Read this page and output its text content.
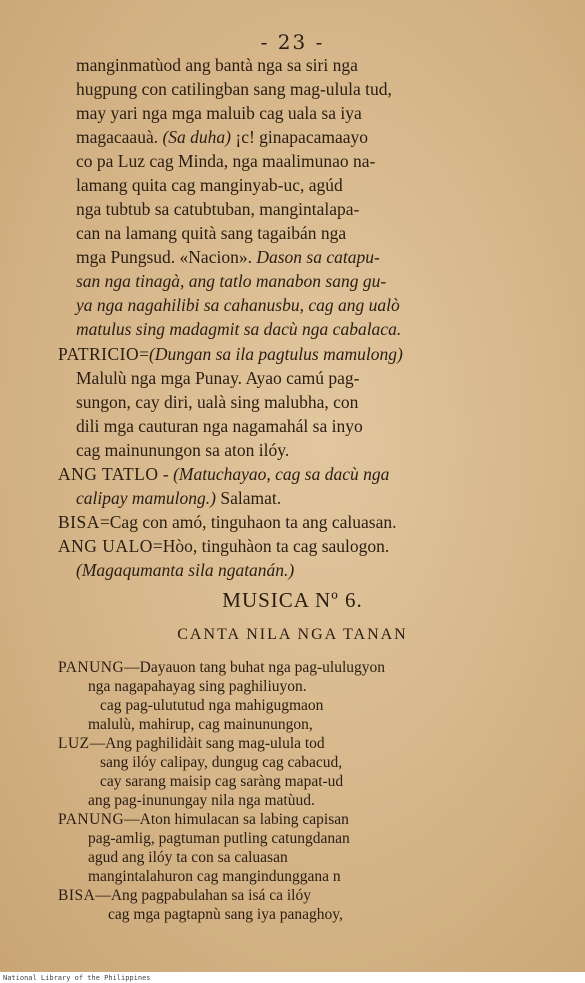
- 23 -
manginmatùod ang bantà nga sa siri nga
hugpung con catilingban sang mag-ulula tud,
may yari nga mga maluib cag uala sa iya
magacaauà. (Sa duha) ¡c! ginapacamaayo
co pa Luz cag Minda, nga maalimunao na-
lamang quita cag manginyab-uc, agúd
nga tubtub sa catubtuban, mangintalapa-
can na lamang quità sang tagaibán nga
mga Pungsud. «Nacion». Dason sa catapu-
san nga tinagà, ang tatlo manabon sang gu-
ya nga nagahilibi sa cahanusbu, cag ang ualò
matulus sing madagmit sa dacù nga cabalaca.
PATRICIO=(Dungan sa ila pagtulus mamulong)
Malulù nga mga Punay. Ayao camú pag-
sungon, cay diri, ualà sing malubha, con
dili mga cauturan nga nagamahál sa inyo
cag mainunungon sa aton ilóy.
ANG TATLO - (Matuchayao, cag sa dacù nga
calipay mamulong.) Salamat.
BISA=Cag con amó, tinguhaon ta ang caluasan.
ANG UALO=Hòo, tinguhàon ta cag saulogon.
(Magaqumanta sila ngatanán.)
MUSICA Nº 6.
CANTA NILA NGA TANAN
PANUNG—Dayauon tang buhat nga pag-ululugyon
nga nagapahayag sing paghiliuyon.
cag pag-ulututud nga mahigugmaon
malulù, mahirup, cag mainunungon,
LUZ—Ang paghilidàit sang mag-ulula tod
sang ilóy calipay, dungug cag cabacud,
cay sarang maisip cag saràng mapat-ud
ang pag-inunungay nila nga matùud.
PANUNG—Aton himulacan sa labing capisan
pag-amlig, pagtuman putling catungdanan
agud ang ilóy ta con sa caluasan
mangintalahuron cag mangindunggana n
BISA—Ang pagpabulahan sa isá ca ilóy
cag mga pagtapnù sang iya panaghoy,
National Library of the Philippines
